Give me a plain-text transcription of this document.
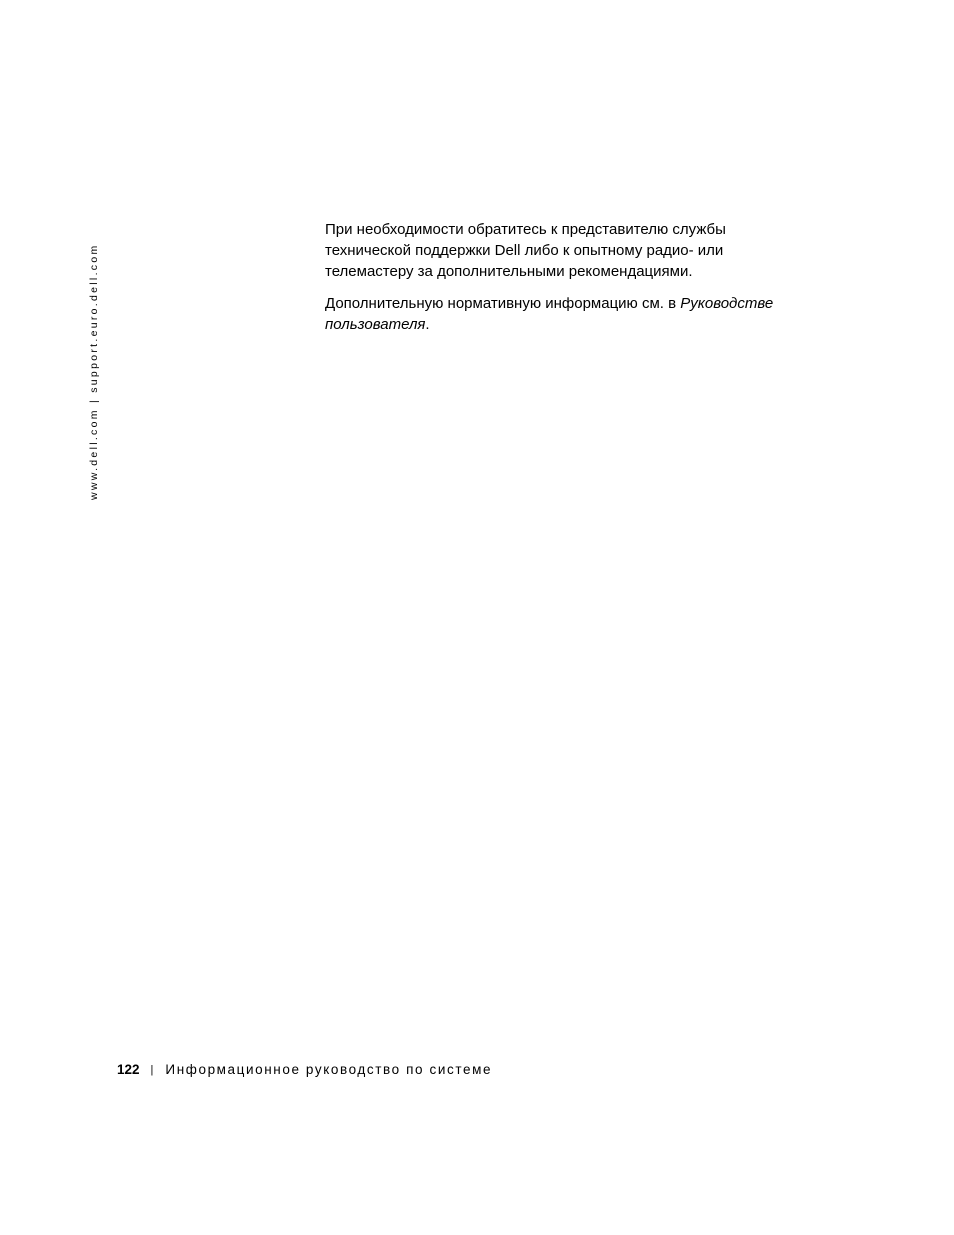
www.dell.com | support.euro.dell.com

При необходимости обратитесь к представителю службы технической поддержки Dell либо к опытному радио- или телемастеру за дополнительными рекомендациями.

Дополнительную нормативную информацию см. в Руководстве пользователя.

122 | Информационное руководство по системе
